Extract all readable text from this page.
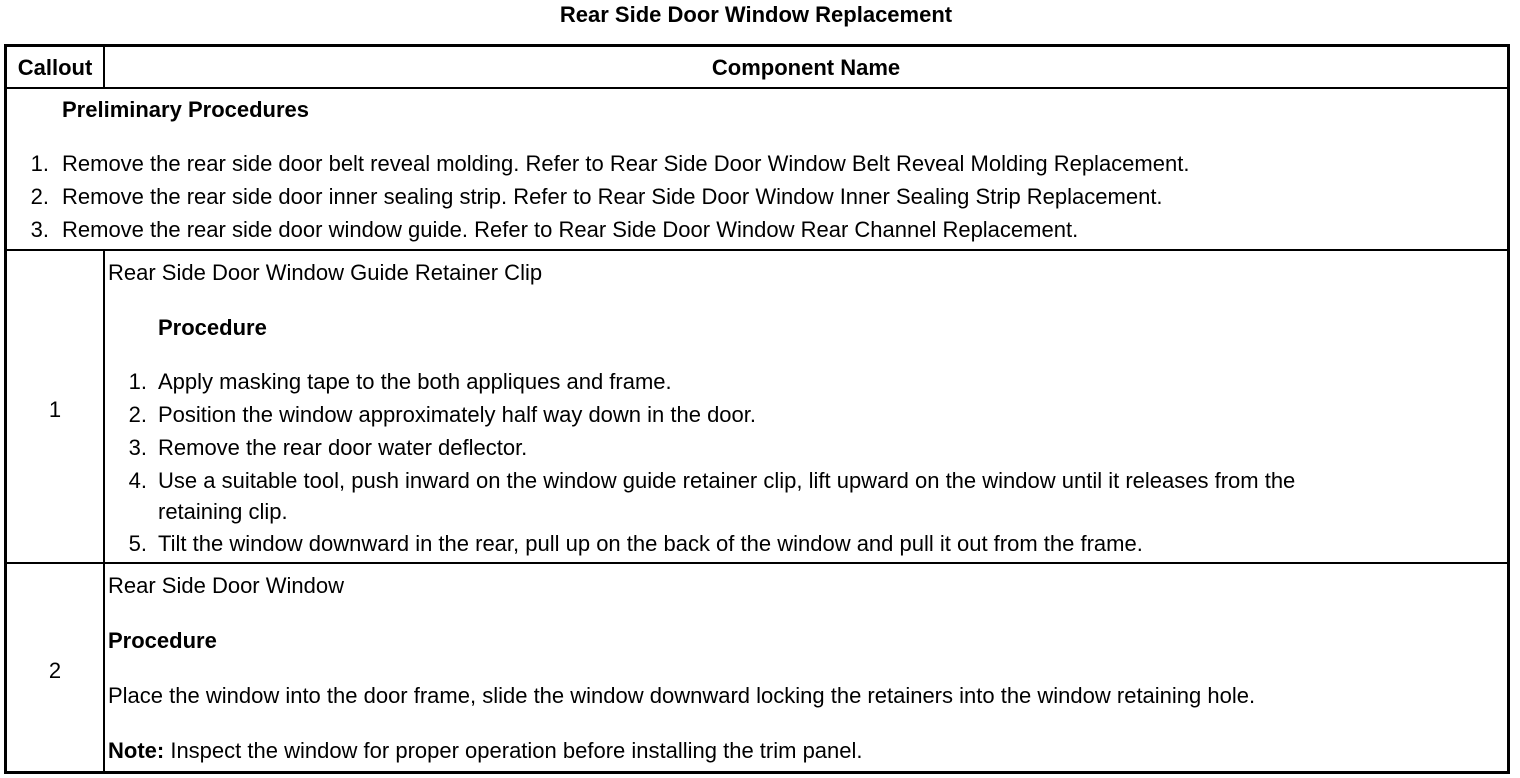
Rear Side Door Window Replacement
Callout	Component Name
Preliminary Procedures
1. Remove the rear side door belt reveal molding. Refer to Rear Side Door Window Belt Reveal Molding Replacement.
2. Remove the rear side door inner sealing strip. Refer to Rear Side Door Window Inner Sealing Strip Replacement.
3. Remove the rear side door window guide. Refer to Rear Side Door Window Rear Channel Replacement.
1
Rear Side Door Window Guide Retainer Clip
Procedure
1. Apply masking tape to the both appliques and frame.
2. Position the window approximately half way down in the door.
3. Remove the rear door water deflector.
4. Use a suitable tool, push inward on the window guide retainer clip, lift upward on the window until it releases from the
retaining clip.
5. Tilt the window downward in the rear, pull up on the back of the window and pull it out from the frame.
2
Rear Side Door Window
Procedure
Place the window into the door frame, slide the window downward locking the retainers into the window retaining hole.
Note: Inspect the window for proper operation before installing the trim panel.
